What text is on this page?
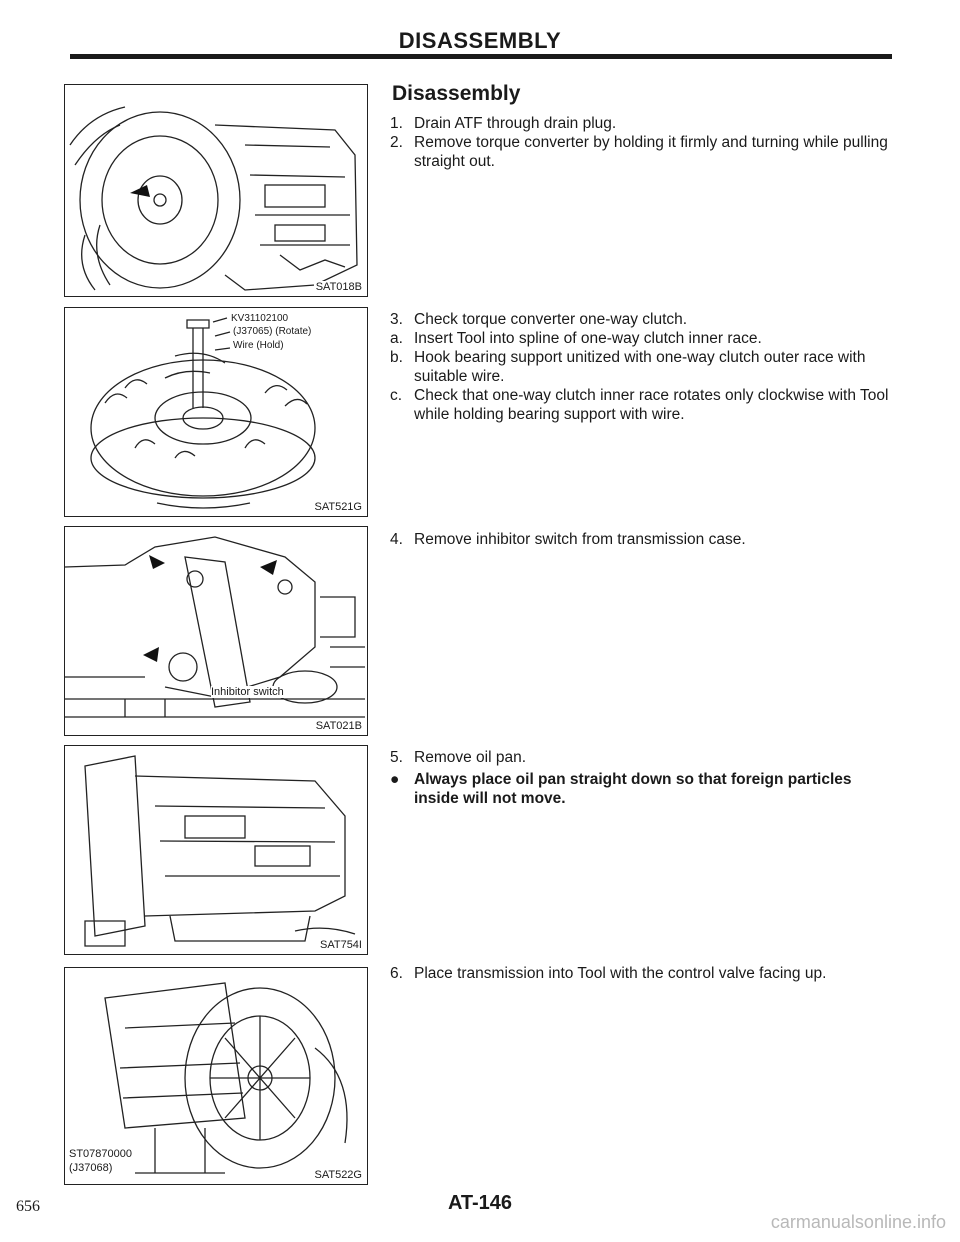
DISASSEMBLY
SAT018B
KV31102100
(J37065) (Rotate)
Wire (Hold)
SAT521G
Inhibitor switch
SAT021B
SAT754I
ST07870000
(J37068)
SAT522G
Disassembly
1. Drain ATF through drain plug.
2. Remove torque converter by holding it firmly and turning while pulling straight out.
3. Check torque converter one-way clutch.
a. Insert Tool into spline of one-way clutch inner race.
b. Hook bearing support unitized with one-way clutch outer race with suitable wire.
c. Check that one-way clutch inner race rotates only clockwise with Tool while holding bearing support with wire.
4. Remove inhibitor switch from transmission case.
5. Remove oil pan.
● Always place oil pan straight down so that foreign particles inside will not move.
6. Place transmission into Tool with the control valve facing up.
656	AT-146
carmanualsonline.info
